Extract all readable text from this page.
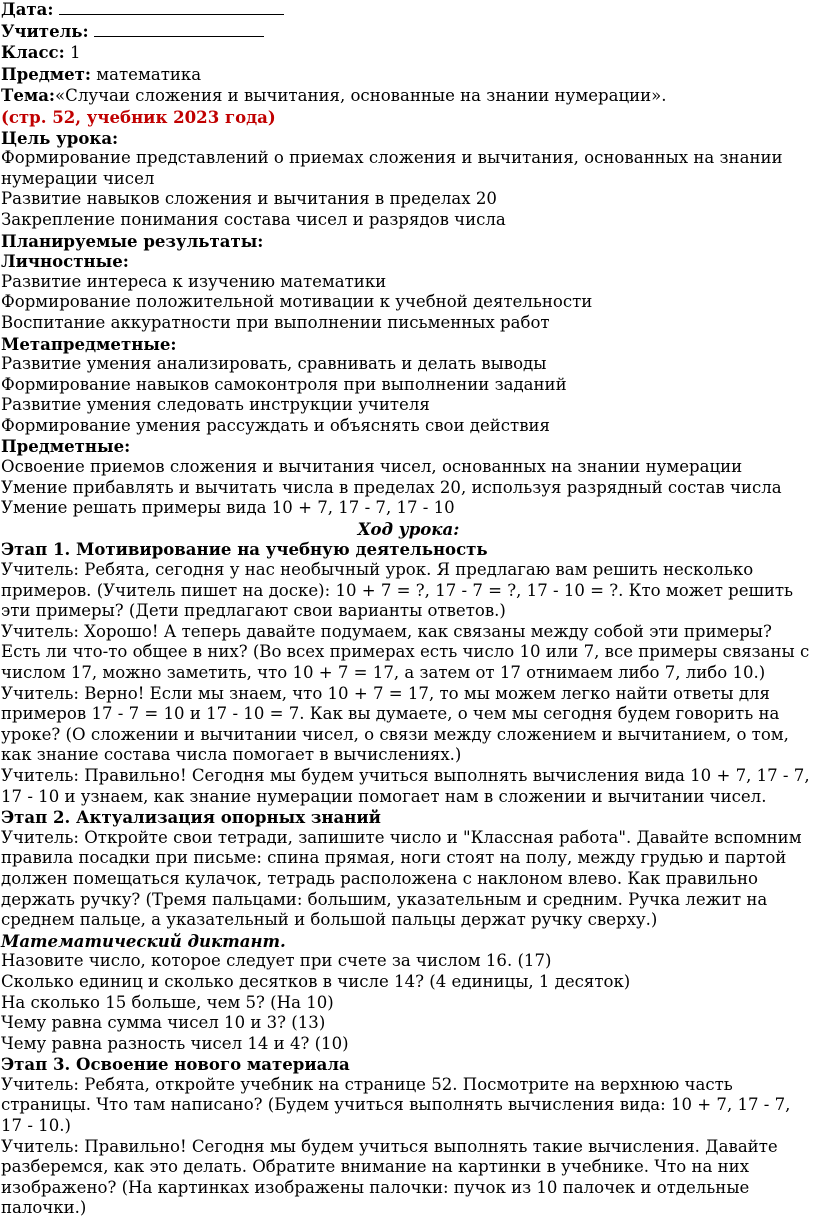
Дата:
Учитель:
Класс: 1
Предмет: математика
Тема:«Случаи сложения и вычитания, основанные на знании нумерации».
(стр. 52, учебник 2023 года)
Цель урока:
Формирование представлений о приемах сложения и вычитания, основанных на знании
нумерации чисел
Развитие навыков сложения и вычитания в пределах 20
Закрепление понимания состава чисел и разрядов числа
Планируемые результаты:
Личностные:
Развитие интереса к изучению математики
Формирование положительной мотивации к учебной деятельности
Воспитание аккуратности при выполнении письменных работ
Метапредметные:
Развитие умения анализировать, сравнивать и делать выводы
Формирование навыков самоконтроля при выполнении заданий
Развитие умения следовать инструкции учителя
Формирование умения рассуждать и объяснять свои действия
Предметные:
Освоение приемов сложения и вычитания чисел, основанных на знании нумерации
Умение прибавлять и вычитать числа в пределах 20, используя разрядный состав числа
Умение решать примеры вида 10 + 7, 17 - 7, 17 - 10
Ход урока:
Этап 1. Мотивирование на учебную деятельность
Учитель: Ребята, сегодня у нас необычный урок. Я предлагаю вам решить несколько
примеров. (Учитель пишет на доске): 10 + 7 = ?, 17 - 7 = ?, 17 - 10 = ?. Кто может решить
эти примеры? (Дети предлагают свои варианты ответов.)
Учитель: Хорошо! А теперь давайте подумаем, как связаны между собой эти примеры?
Есть ли что-то общее в них? (Во всех примерах есть число 10 или 7, все примеры связаны с
числом 17, можно заметить, что 10 + 7 = 17, а затем от 17 отнимаем либо 7, либо 10.)
Учитель: Верно! Если мы знаем, что 10 + 7 = 17, то мы можем легко найти ответы для
примеров 17 - 7 = 10 и 17 - 10 = 7. Как вы думаете, о чем мы сегодня будем говорить на
уроке? (О сложении и вычитании чисел, о связи между сложением и вычитанием, о том,
как знание состава числа помогает в вычислениях.)
Учитель: Правильно! Сегодня мы будем учиться выполнять вычисления вида 10 + 7, 17 - 7,
17 - 10 и узнаем, как знание нумерации помогает нам в сложении и вычитании чисел.
Этап 2. Актуализация опорных знаний
Учитель: Откройте свои тетради, запишите число и "Классная работа". Давайте вспомним
правила посадки при письме: спина прямая, ноги стоят на полу, между грудью и партой
должен помещаться кулачок, тетрадь расположена с наклоном влево. Как правильно
держать ручку? (Тремя пальцами: большим, указательным и средним. Ручка лежит на
среднем пальце, а указательный и большой пальцы держат ручку сверху.)
Математический диктант.
Назовите число, которое следует при счете за числом 16. (17)
Сколько единиц и сколько десятков в числе 14? (4 единицы, 1 десяток)
На сколько 15 больше, чем 5? (На 10)
Чему равна сумма чисел 10 и 3? (13)
Чему равна разность чисел 14 и 4? (10)
Этап 3. Освоение нового материала
Учитель: Ребята, откройте учебник на странице 52. Посмотрите на верхнюю часть
страницы. Что там написано? (Будем учиться выполнять вычисления вида: 10 + 7, 17 - 7,
17 - 10.)
Учитель: Правильно! Сегодня мы будем учиться выполнять такие вычисления. Давайте
разберемся, как это делать. Обратите внимание на картинки в учебнике. Что на них
изображено? (На картинках изображены палочки: пучок из 10 палочек и отдельные
палочки.)
